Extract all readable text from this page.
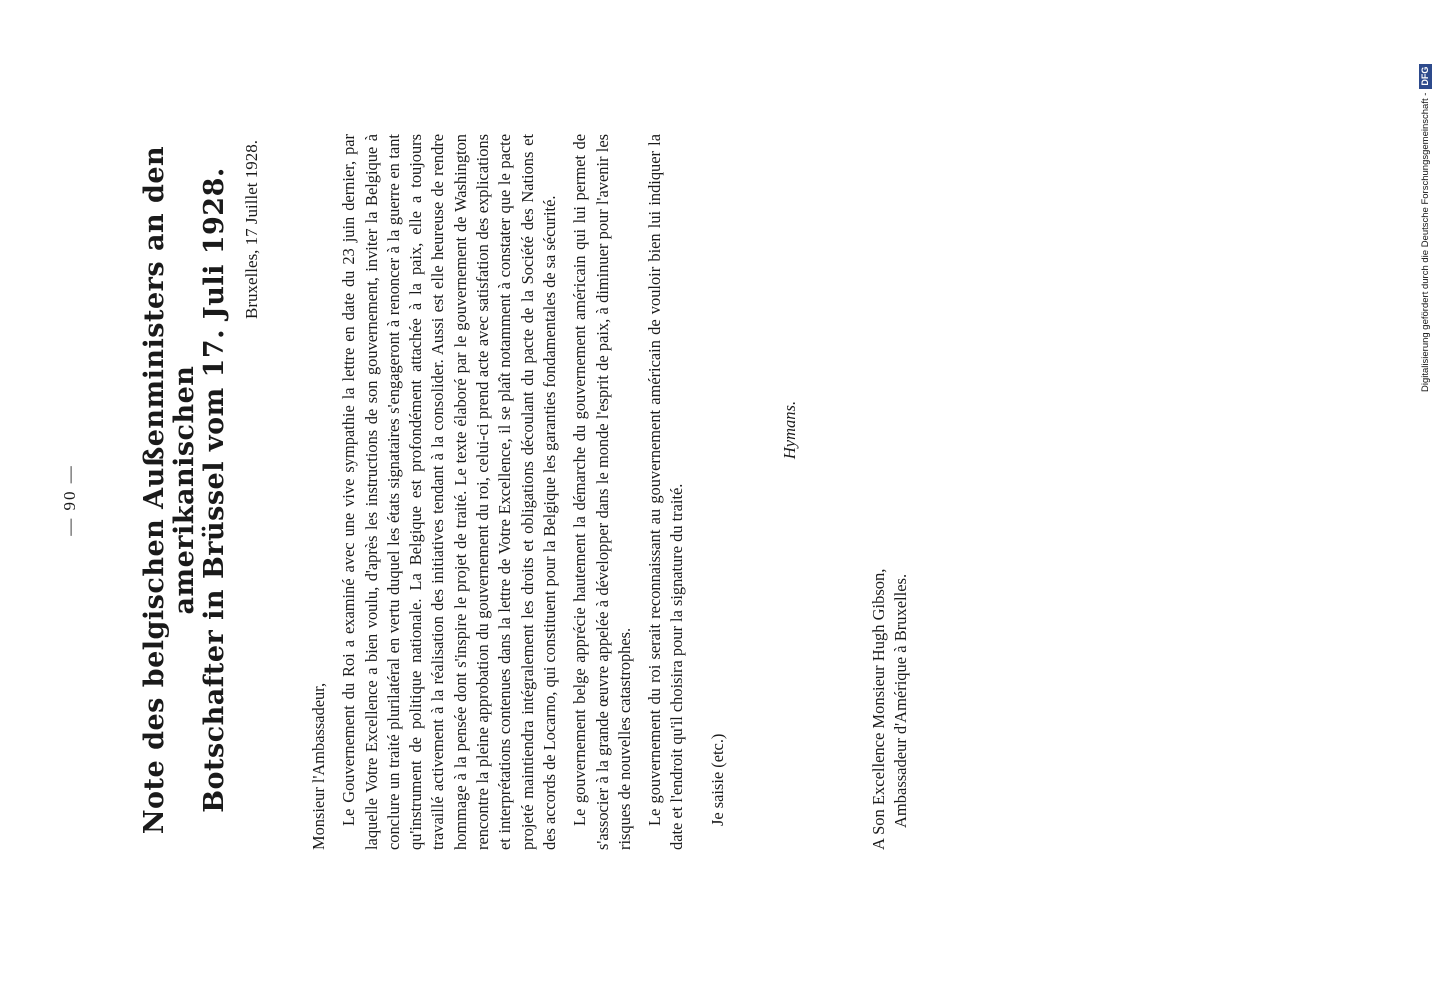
— 90 — Note des belgischen Außenministers an den amerikanischen Botschafter in Brüssel vom 17. Juli 1928. Bruxelles, 17 Juillet 1928.

Monsieur l'Ambassadeur, Le Gouvernement du Roi a examiné avec une vive sympathie la lettre en date du 23 juin dernier, par laquelle Votre Excellence a bien voulu, d'après les instructions de son gouvernement, inviter la Belgique à conclure un traité plurilatéral en vertu duquel les états signataires s'engageront à renoncer à la guerre en tant qu'instrument de politique nationale. La Belgique est profondément attachée à la paix, elle a toujours travaillé activement à la réalisation des initiatives tendant à la consolider. Aussi est elle heureuse de rendre hommage à la pensée dont s'inspire le projet de traité. Le texte élaboré par le gouvernement de Washington rencontre la pleine approbation du gouvernement du roi, celui-ci prend acte avec satisfation des explications et interprétations contenues dans la lettre de Votre Excellence, il se plaît notamment à constater que le pacte projeté maintiendra intégralement les droits et obligations découlant du pacte de la Société des Nations et des accords de Locarno, qui constituent pour la Belgique les garanties fondamentales de sa sécurité. Le gouvernement belge apprécie hautement la démarche du gouvernement américain qui lui permet de s'associer à la grande œuvre appelée à développer dans le monde l'esprit de paix, à diminuer pour l'avenir les risques de nouvelles catastrophes. Le gouvernement du roi serait reconnaissant au gouvernement américain de vouloir bien lui indiquer la date et l'endroit qu'il choisira pour la signature du traité. Je saisie (etc.)

Hymans.
A Son Excellence Monsieur Hugh Gibson, Ambassadeur d'Amérique à Bruxelles.
Digitalisierung gefördert durch die Deutsche Forschungsgemeinschaft -DFG
